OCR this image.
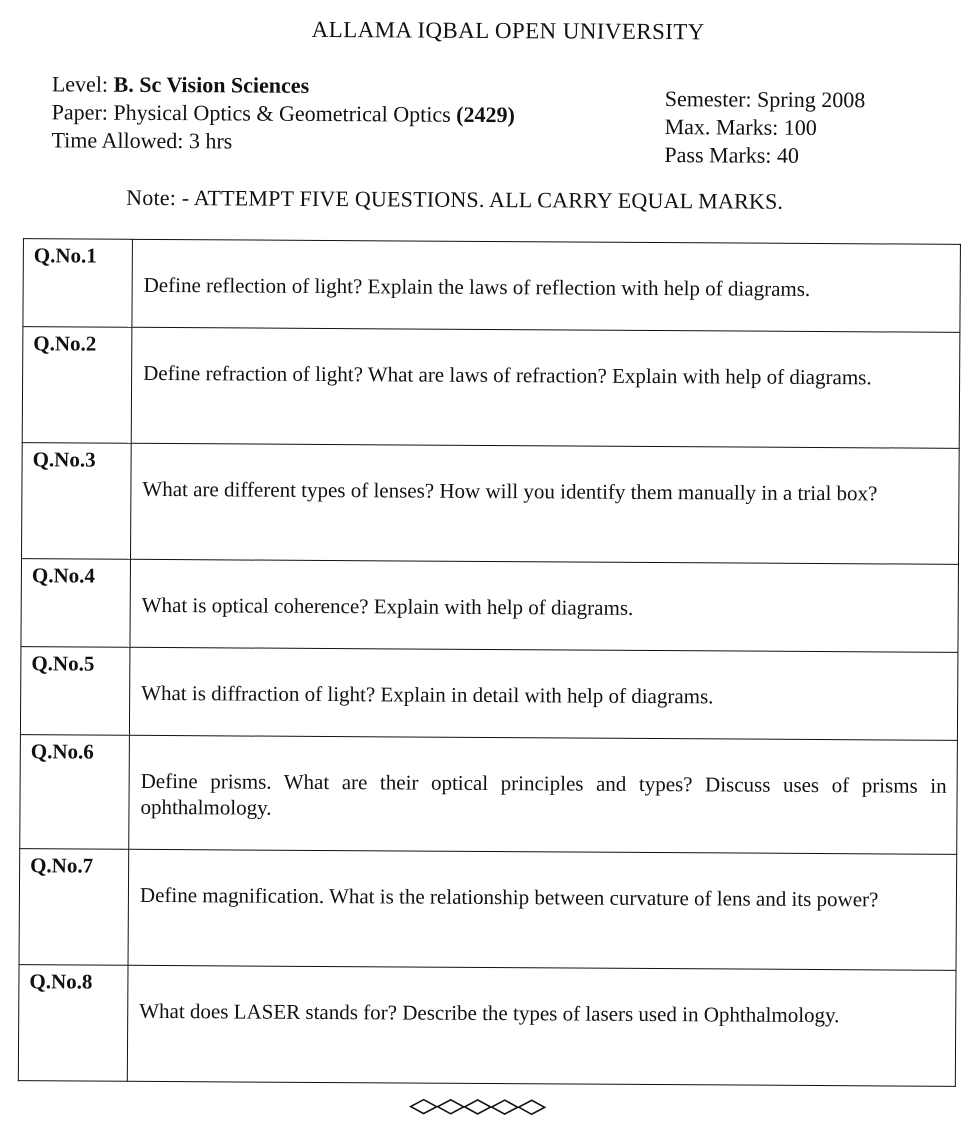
ALLAMA IQBAL OPEN UNIVERSITY
Level: B. Sc Vision Sciences
Paper: Physical Optics & Geometrical Optics (2429)
Time Allowed: 3 hrs
Semester: Spring 2008
Max. Marks: 100
Pass Marks: 40
Note: - ATTEMPT FIVE QUESTIONS. ALL CARRY EQUAL MARKS.
Q.No.1	Define reflection of light? Explain the laws of reflection with help of diagrams.
Q.No.2	Define refraction of light? What are laws of refraction? Explain with help of diagrams.
Q.No.3	What are different types of lenses? How will you identify them manually in a trial box?
Q.No.4	What is optical coherence? Explain with help of diagrams.
Q.No.5	What is diffraction of light? Explain in detail with help of diagrams.
Q.No.6	Define prisms. What are their optical principles and types? Discuss uses of prisms in ophthalmology.
Q.No.7	Define magnification. What is the relationship between curvature of lens and its power?
Q.No.8	What does LASER stands for? Describe the types of lasers used in Ophthalmology.
